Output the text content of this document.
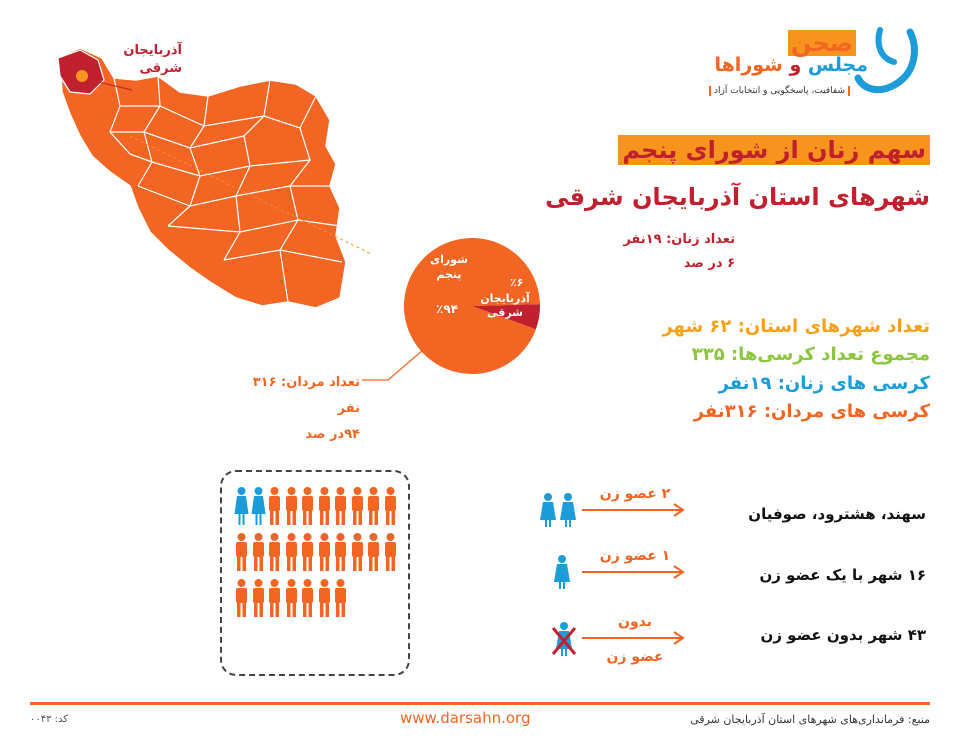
صحن
مجلس و شوراها
شفافیت، پاسخگویی و انتخابات آزاد
سهم زنان از شورای پنجم
شهرهای استان آذربایجان شرقی
تعداد زنان: ۱۹نفر
۶ در صد
آذربایجان
شرقی
شورای
پنجم
٪۹۴
٪۶
آذربایجان
شرقی
تعداد مردان: ۳۱۶ نفر
۹۴در صد
تعداد شهرهای استان: ۶۲ شهر
مجموع تعداد کرسی‌ها: ۳۳۵
کرسی های زنان: ۱۹نفر
کرسی های مردان: ۳۱۶نفر
۲ عضو زن
سهند، هشترود، صوفیان
۱ عضو زن
۱۶ شهر با یک عضو زن
بدون
عضو زن
۴۳ شهر بدون عضو زن
منبع: فرمانداری‌های شهرهای استان آذربایجان شرقی
www.darsahn.org
کد: ۰۰۴۳
